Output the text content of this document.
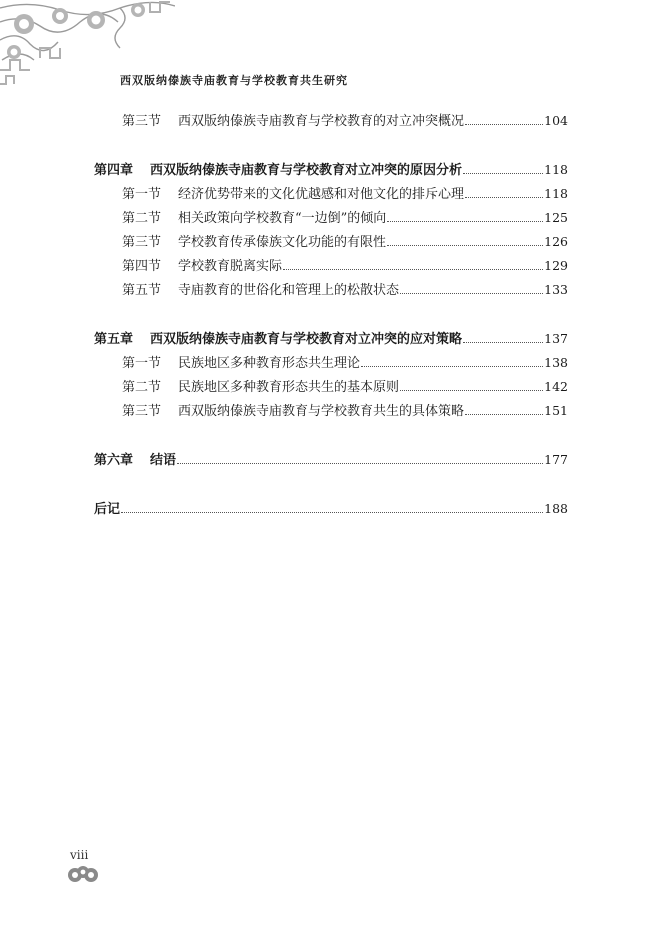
西双版纳傣族寺庙教育与学校教育共生研究
第三节	西双版纳傣族寺庙教育与学校教育的对立冲突概况	104
第四章	西双版纳傣族寺庙教育与学校教育对立冲突的原因分析	118
第一节	经济优势带来的文化优越感和对他文化的排斥心理	118
第二节	相关政策向学校教育“一边倒”的倾向	125
第三节	学校教育传承傣族文化功能的有限性	126
第四节	学校教育脱离实际	129
第五节	寺庙教育的世俗化和管理上的松散状态	133
第五章	西双版纳傣族寺庙教育与学校教育对立冲突的应对策略	137
第一节	民族地区多种教育形态共生理论	138
第二节	民族地区多种教育形态共生的基本原则	142
第三节	西双版纳傣族寺庙教育与学校教育共生的具体策略	151
第六章	结语	177
后记	188
viii
